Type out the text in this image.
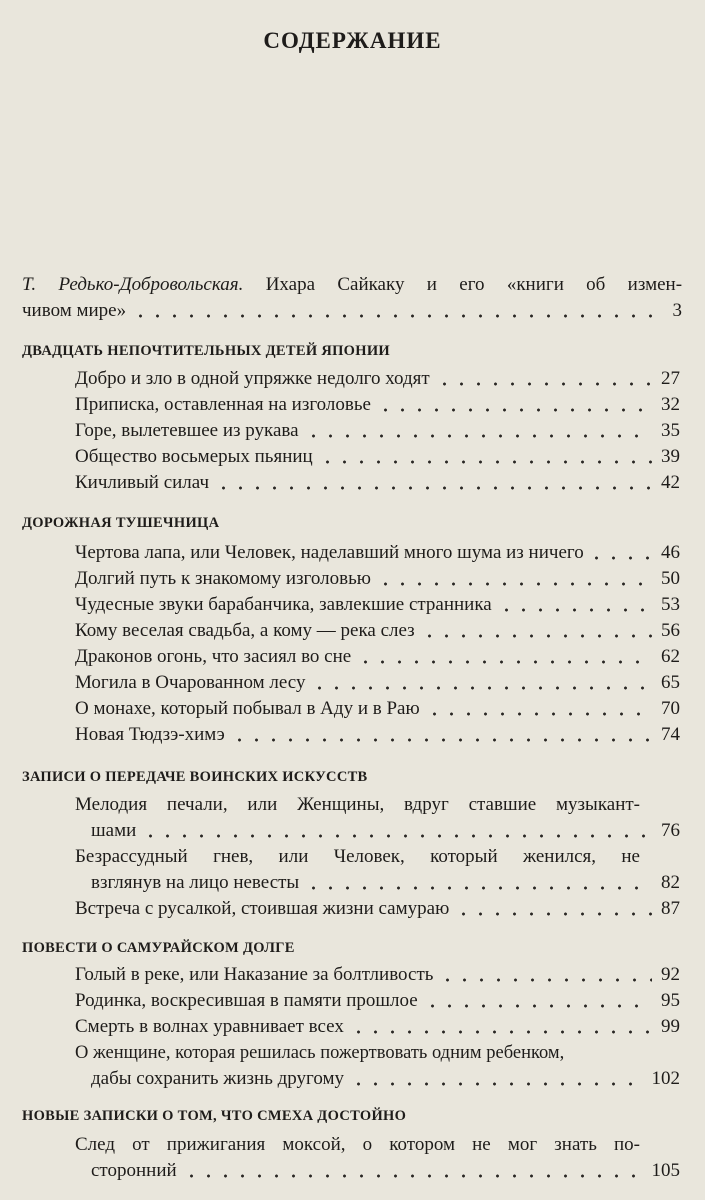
СОДЕРЖАНИЕ
Т. Редько-Добровольская. Ихара Сайкаку и его «книги об измен-
чивом мире»	3
ДВАДЦАТЬ НЕПОЧТИТЕЛЬНЫХ ДЕТЕЙ ЯПОНИИ
Добро и зло в одной упряжке недолго ходят	27
Приписка, оставленная на изголовье	32
Горе, вылетевшее из рукава	35
Общество восьмерых пьяниц	39
Кичливый силач	42
ДОРОЖНАЯ ТУШЕЧНИЦА
Чертова лапа, или Человек, наделавший много шума из ничего	46
Долгий путь к знакомому изголовью	50
Чудесные звуки барабанчика, завлекшие странника	53
Кому веселая свадьба, а кому — река слез	56
Драконов огонь, что засиял во сне	62
Могила в Очарованном лесу	65
О монахе, который побывал в Аду и в Раю	70
Новая Тюдзэ-химэ	74
ЗАПИСИ О ПЕРЕДАЧЕ ВОИНСКИХ ИСКУССТВ
Мелодия печали, или Женщины, вдруг ставшие музыкант-
шами	76
Безрассудный гнев, или Человек, который женился, не
взглянув на лицо невесты	82
Встреча с русалкой, стоившая жизни самураю	87
ПОВЕСТИ О САМУРАЙСКОМ ДОЛГЕ
Голый в реке, или Наказание за болтливость	92
Родинка, воскресившая в памяти прошлое	95
Смерть в волнах уравнивает всех	99
О женщине, которая решилась пожертвовать одним ребенком,
дабы сохранить жизнь другому	102
НОВЫЕ ЗАПИСКИ О ТОМ, ЧТО СМЕХА ДОСТОЙНО
След от прижигания моксой, о котором не мог знать по-
сторонний	105
